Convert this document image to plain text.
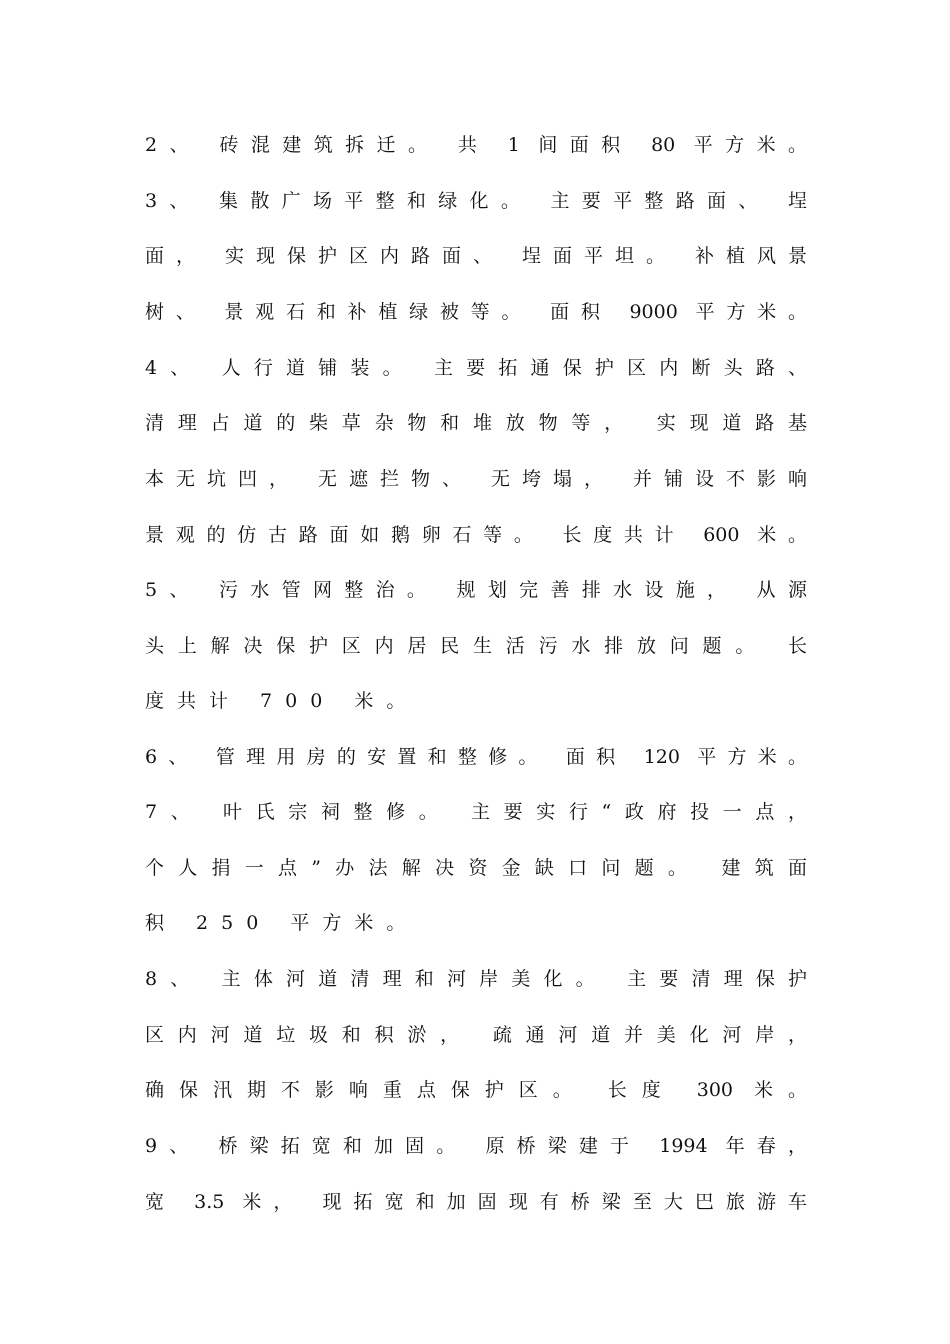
2、 砖混建筑拆迁。 共 1 间面积 80 平方米。
3、 集散广场平整和绿化。 主要平整路面、 埕
面， 实现保护区内路面、 埕面平坦。 补植风景
树、 景观石和补植绿被等。 面积 9000 平方米。
4、 人行道铺装。 主要拓通保护区内断头路、
清理占道的柴草杂物和堆放物等， 实现道路基
本无坑凹， 无遮拦物、 无垮塌， 并铺设不影响
景观的仿古路面如鹅卵石等。 长度共计 600 米。
5、 污水管网整治。 规划完善排水设施， 从源
头上解决保护区内居民生活污水排放问题。 长
度共计 700 米。
6、 管理用房的安置和整修。 面积 120 平方米。
7、 叶氏宗祠整修。 主要实行“政府投一点，
个人捐一点”办法解决资金缺口问题。 建筑面
积 250 平方米。
8、 主体河道清理和河岸美化。 主要清理保护
区内河道垃圾和积淤， 疏通河道并美化河岸，
确保汛期不影响重点保护区。 长度 300 米。
9、 桥梁拓宽和加固。 原桥梁建于 1994 年春，
宽 3.5 米， 现拓宽和加固现有桥梁至大巴旅游车
